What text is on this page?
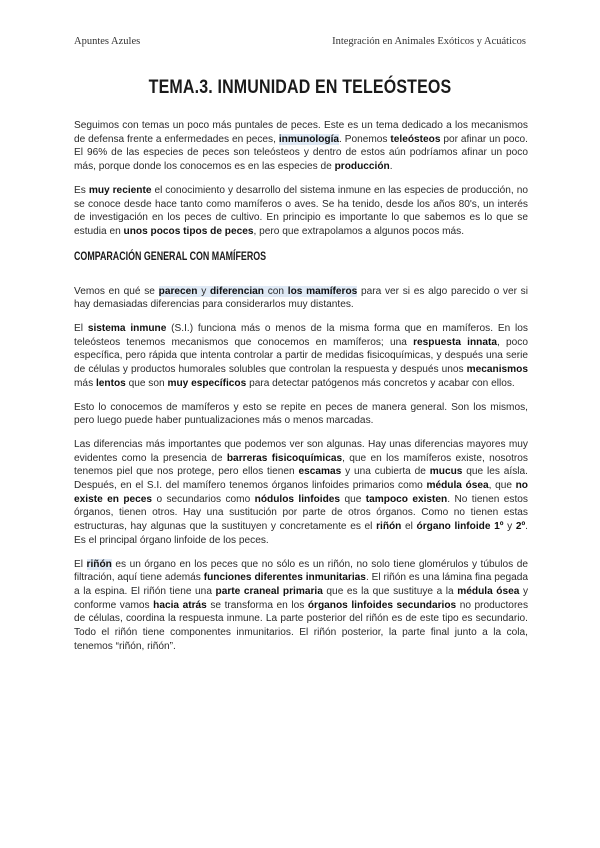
Apuntes Azules	Integración en Animales Exóticos y Acuáticos
TEMA.3. INMUNIDAD EN TELEÓSTEOS

Seguimos con temas un poco más puntales de peces. Este es un tema dedicado a los mecanismos de defensa frente a enfermedades en peces, inmunología. Ponemos teleósteos por afinar un poco. El 96% de las especies de peces son teleósteos y dentro de estos aún podríamos afinar un poco más, porque donde los conocemos es en las especies de producción.

Es muy reciente el conocimiento y desarrollo del sistema inmune en las especies de producción, no se conoce desde hace tanto como mamíferos o aves. Se ha tenido, desde los años 80's, un interés de investigación en los peces de cultivo. En principio es importante lo que sabemos es lo que se estudia en unos pocos tipos de peces, pero que extrapolamos a algunos pocos más.

COMPARACIÓN GENERAL CON MAMÍFEROS

Vemos en qué se parecen y diferencian con los mamíferos para ver si es algo parecido o ver si hay demasiadas diferencias para considerarlos muy distantes.

El sistema inmune (S.I.) funciona más o menos de la misma forma que en mamíferos. En los teleósteos tenemos mecanismos que conocemos en mamíferos; una respuesta innata, poco específica, pero rápida que intenta controlar a partir de medidas fisicoquímicas, y después una serie de células y productos humorales solubles que controlan la respuesta y después unos mecanismos más lentos que son muy específicos para detectar patógenos más concretos y acabar con ellos.

Esto lo conocemos de mamíferos y esto se repite en peces de manera general. Son los mismos, pero luego puede haber puntualizaciones más o menos marcadas.

Las diferencias más importantes que podemos ver son algunas. Hay unas diferencias mayores muy evidentes como la presencia de barreras fisicoquímicas, que en los mamíferos existe, nosotros tenemos piel que nos protege, pero ellos tienen escamas y una cubierta de mucus que les aísla. Después, en el S.I. del mamífero tenemos órganos linfoides primarios como médula ósea, que no existe en peces o secundarios como nódulos linfoides que tampoco existen. No tienen estos órganos, tienen otros. Hay una sustitución por parte de otros órganos. Como no tienen estas estructuras, hay algunas que la sustituyen y concretamente es el riñón el órgano linfoide 1º y 2º. Es el principal órgano linfoide de los peces.

El riñón es un órgano en los peces que no sólo es un riñón, no solo tiene glomérulos y túbulos de filtración, aquí tiene además funciones diferentes inmunitarias. El riñón es una lámina fina pegada a la espina. El riñón tiene una parte craneal primaria que es la que sustituye a la médula ósea y conforme vamos hacia atrás se transforma en los órganos linfoides secundarios no productores de células, coordina la respuesta inmune. La parte posterior del riñón es de este tipo es secundario. Todo el riñón tiene componentes inmunitarios. El riñón posterior, la parte final junto a la cola, tenemos “riñón, riñón”.
